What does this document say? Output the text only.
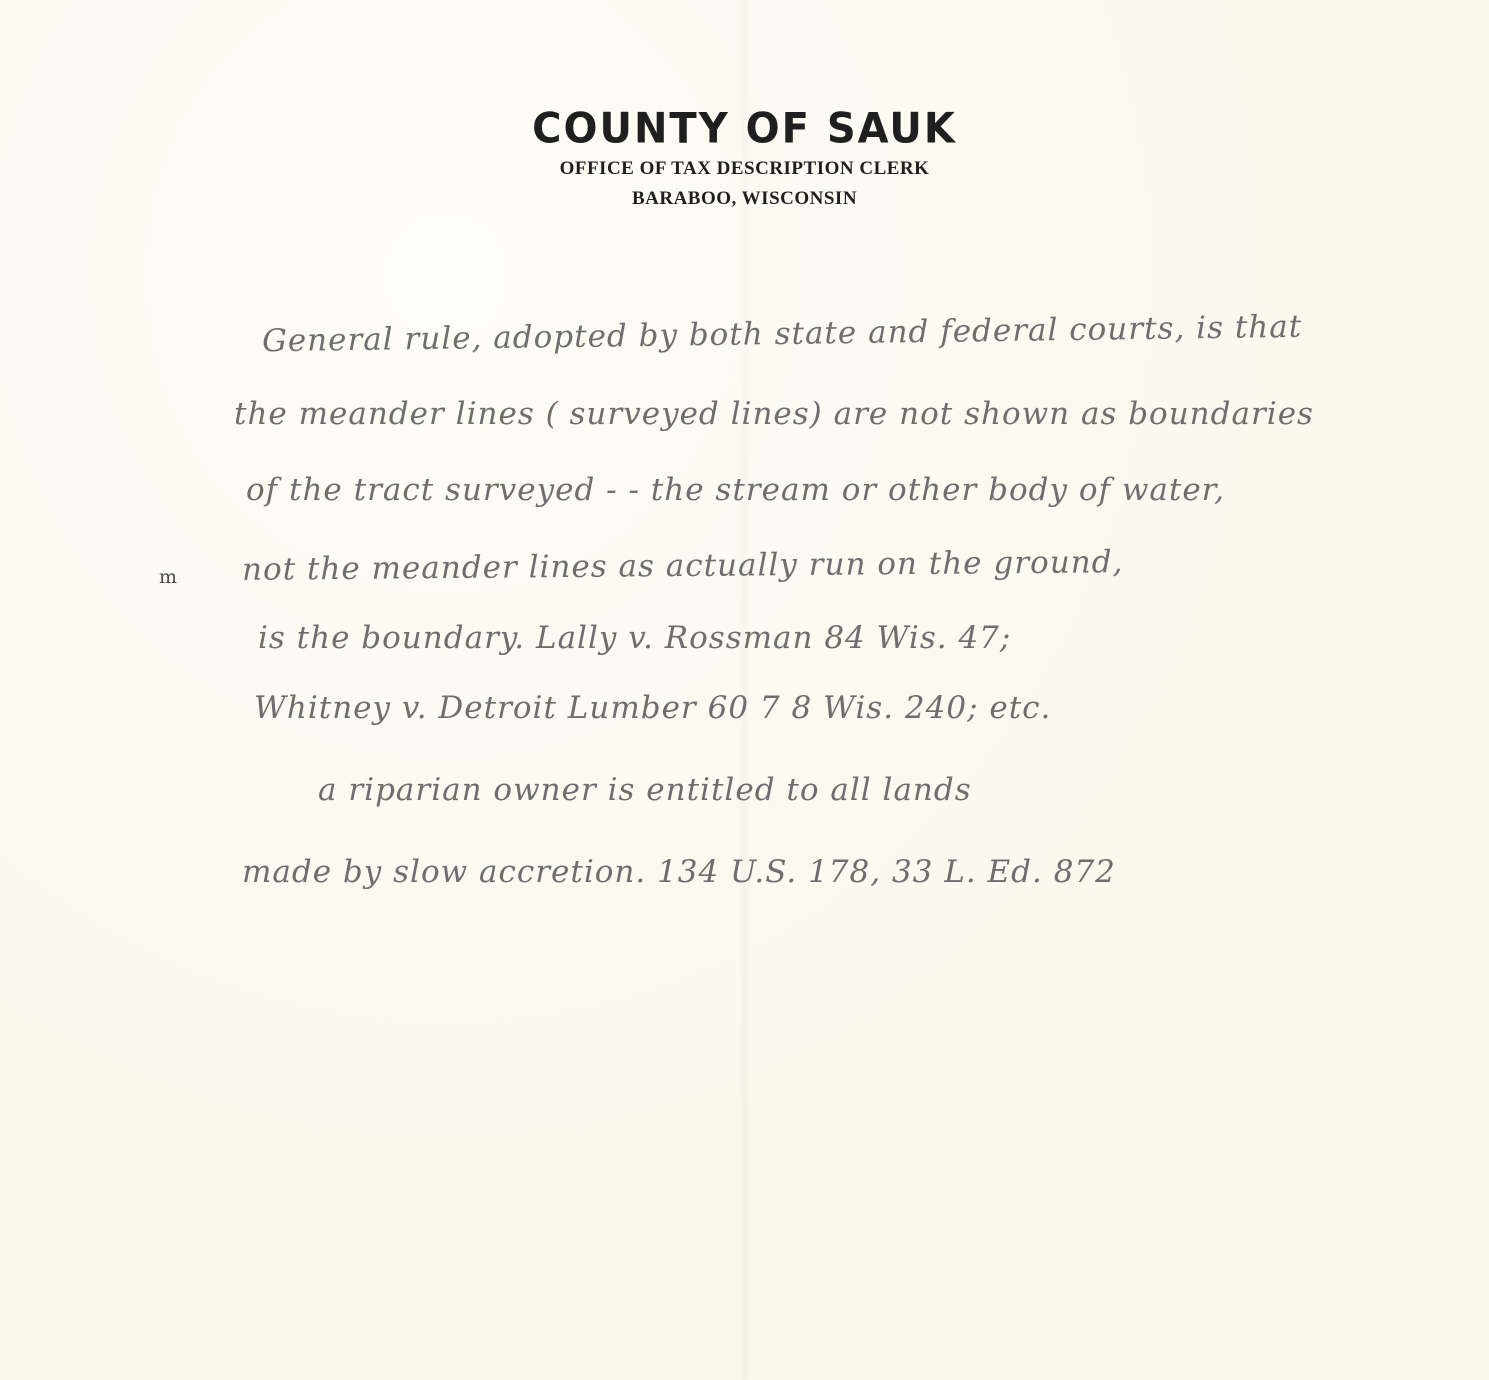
COUNTY OF SAUK
OFFICE OF TAX DESCRIPTION CLERK
BARABOO, WISCONSIN
m
General rule, adopted by both state and federal courts, is that
the meander lines ( surveyed lines) are not shown as boundaries
of the tract surveyed - - the stream or other body of water,
not the meander lines as actually run on the ground,
is the boundary. Lally v. Rossman 84 Wis. 47;
Whitney v. Detroit Lumber 60 7 8 Wis. 240; etc.
a riparian owner is entitled to all lands
made by slow accretion. 134 U.S. 178, 33 L. Ed. 872
